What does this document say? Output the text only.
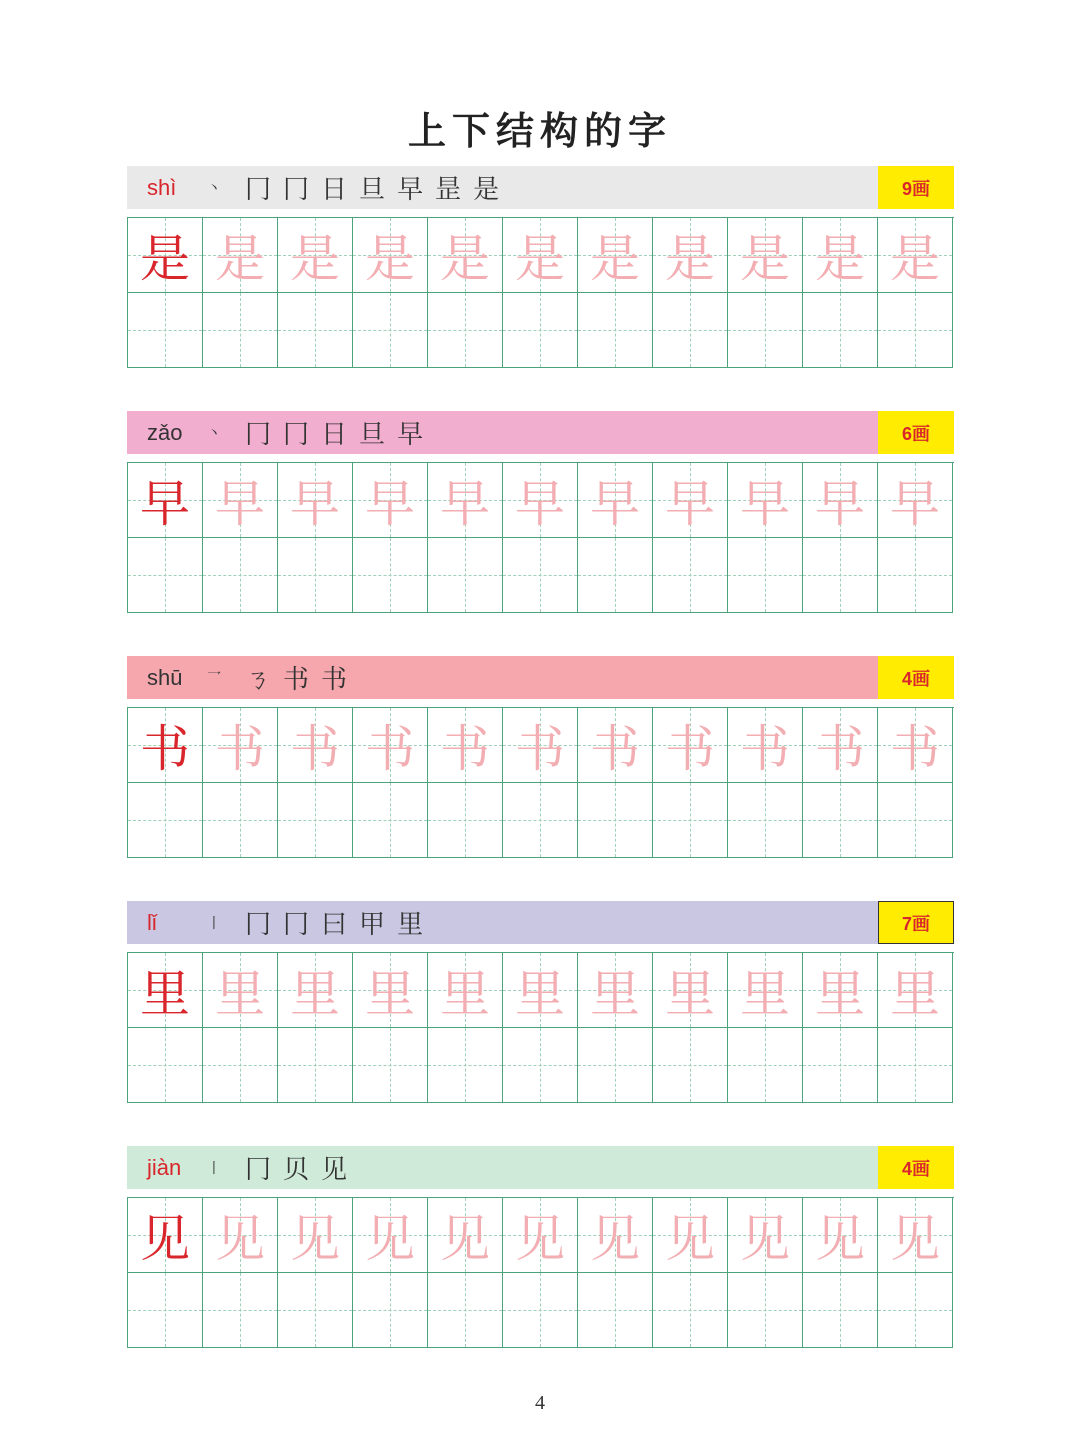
上下结构的字
shì	丶 冂 冂 日 旦 早 昰 是	9画
是 是 是 是 是 是 是 是 是 是 是
zǎo	丶 冂 冂 日 旦 早	6画
早 早 早 早 早 早 早 早 早 早 早
shū	乛 ㄋ 书 书	4画
书 书 书 书 书 书 书 书 书 书 书
lǐ	丨 冂 冂 曰 甲 里	7画
里 里 里 里 里 里 里 里 里 里 里
jiàn	丨 冂 贝 见	4画
见 见 见 见 见 见 见 见 见 见 见
4
